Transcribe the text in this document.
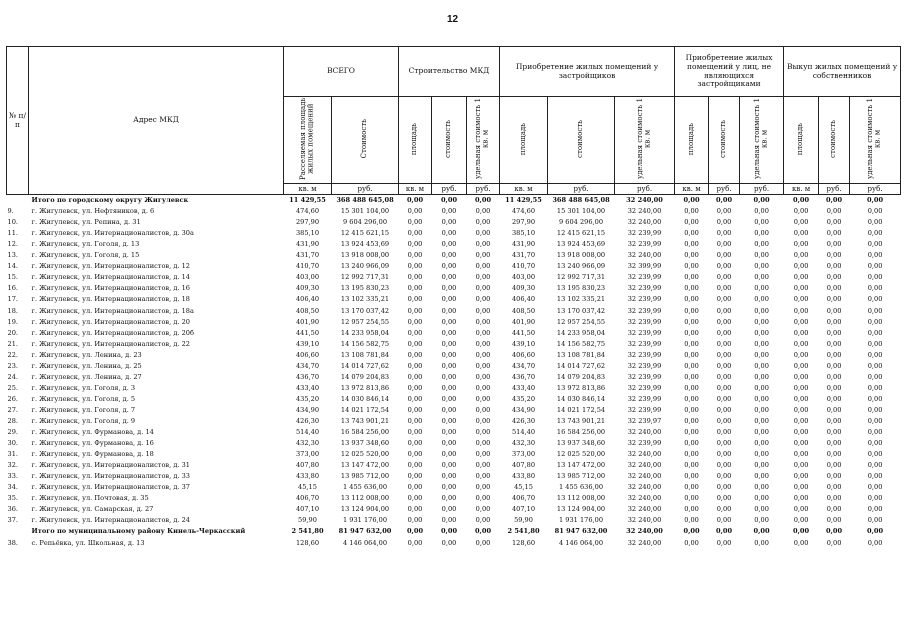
12
№ п/п	Адрес МКД	ВСЕГО		Строительство МКД			Приобретение жилых помещений у застройщиков			Приобретение жилых помещений у лиц, не являющихся застройщиками			Выкуп жилых помещений у собственников		
		Расселяемая площадь жилых помещений	Стоимость	площадь	стоимость	удельная стоимость 1 кв. м	площадь	стоимость	удельная стоимость 1 кв. м	площадь	стоимость	удельная стоимость 1 кв. м	площадь	стоимость	удельная стоимость 1 кв. м
		кв. м	руб.	кв. м	руб.	руб.	кв. м	руб.	руб.	кв. м	руб.	руб.	кв. м	руб.	руб.
	Итого по городскому округу Жигулевск	11 429,55	368 488 645,08	0,00	0,00	0,00	11 429,55	368 488 645,08	32 240,00	0,00	0,00	0,00	0,00	0,00	0,00
9.	г. Жигулевск, ул. Нефтяников, д. 6	474,60	15 301 104,00	0,00	0,00	0,00	474,60	15 301 104,00	32 240,00	0,00	0,00	0,00	0,00	0,00	0,00
10.	г. Жигулевск, ул. Репина, д. 31	297,90	9 604 296,00	0,00	0,00	0,00	297,90	9 604 296,00	32 240,00	0,00	0,00	0,00	0,00	0,00	0,00
11.	г. Жигулевск, ул. Интернационалистов, д. 30а	385,10	12 415 621,15	0,00	0,00	0,00	385,10	12 415 621,15	32 239,99	0,00	0,00	0,00	0,00	0,00	0,00
12.	г. Жигулевск, ул. Гоголя, д. 13	431,90	13 924 453,69	0,00	0,00	0,00	431,90	13 924 453,69	32 239,99	0,00	0,00	0,00	0,00	0,00	0,00
13.	г. Жигулевск, ул. Гоголя, д. 15	431,70	13 918 008,00	0,00	0,00	0,00	431,70	13 918 008,00	32 240,00	0,00	0,00	0,00	0,00	0,00	0,00
14.	г. Жигулевск, ул. Интернационалистов, д. 12	410,70	13 240 966,09	0,00	0,00	0,00	410,70	13 240 966,09	32 399,99	0,00	0,00	0,00	0,00	0,00	0,00
15.	г. Жигулевск, ул. Интернационалистов, д. 14	403,00	12 992 717,31	0,00	0,00	0,00	403,00	12 992 717,31	32 239,99	0,00	0,00	0,00	0,00	0,00	0,00
16.	г. Жигулевск, ул. Интернационалистов, д. 16	409,30	13 195 830,23	0,00	0,00	0,00	409,30	13 195 830,23	32 239,99	0,00	0,00	0,00	0,00	0,00	0,00
17.	г. Жигулевск, ул. Интернационалистов, д. 18	406,40	13 102 335,21	0,00	0,00	0,00	406,40	13 102 335,21	32 239,99	0,00	0,00	0,00	0,00	0,00	0,00
18.	г. Жигулевск, ул. Интернационалистов, д. 18а	408,50	13 170 037,42	0,00	0,00	0,00	408,50	13 170 037,42	32 239,99	0,00	0,00	0,00	0,00	0,00	0,00
19.	г. Жигулевск, ул. Интернационалистов, д. 20	401,90	12 957 254,55	0,00	0,00	0,00	401,90	12 957 254,55	32 239,99	0,00	0,00	0,00	0,00	0,00	0,00
20.	г. Жигулевск, ул. Интернационалистов, д. 20б	441,50	14 233 958,04	0,00	0,00	0,00	441,50	14 233 958,04	32 239,99	0,00	0,00	0,00	0,00	0,00	0,00
21.	г. Жигулевск, ул. Интернационалистов, д. 22	439,10	14 156 582,75	0,00	0,00	0,00	439,10	14 156 582,75	32 239,99	0,00	0,00	0,00	0,00	0,00	0,00
22.	г. Жигулевск, ул. Ленина, д. 23	406,60	13 108 781,84	0,00	0,00	0,00	406,60	13 108 781,84	32 239,99	0,00	0,00	0,00	0,00	0,00	0,00
23.	г. Жигулевск, ул. Ленина, д. 25	434,70	14 014 727,62	0,00	0,00	0,00	434,70	14 014 727,62	32 239,99	0,00	0,00	0,00	0,00	0,00	0,00
24.	г. Жигулевск, ул. Ленина, д. 27	436,70	14 079 204,83	0,00	0,00	0,00	436,70	14 079 204,83	32 239,99	0,00	0,00	0,00	0,00	0,00	0,00
25.	г. Жигулевск, ул. Гоголя, д. 3	433,40	13 972 813,86	0,00	0,00	0,00	433,40	13 972 813,86	32 239,99	0,00	0,00	0,00	0,00	0,00	0,00
26.	г. Жигулевск, ул. Гоголя, д. 5	435,20	14 030 846,14	0,00	0,00	0,00	435,20	14 030 846,14	32 239,99	0,00	0,00	0,00	0,00	0,00	0,00
27.	г. Жигулевск, ул. Гоголя, д. 7	434,90	14 021 172,54	0,00	0,00	0,00	434,90	14 021 172,54	32 239,99	0,00	0,00	0,00	0,00	0,00	0,00
28.	г. Жигулевск, ул. Гоголя, д. 9	426,30	13 743 901,21	0,00	0,00	0,00	426,30	13 743 901,21	32 239,97	0,00	0,00	0,00	0,00	0,00	0,00
29.	г. Жигулевск, ул. Фурманова, д. 14	514,40	16 584 256,00	0,00	0,00	0,00	514,40	16 584 256,00	32 240,00	0,00	0,00	0,00	0,00	0,00	0,00
30.	г. Жигулевск, ул. Фурманова, д. 16	432,30	13 937 348,60	0,00	0,00	0,00	432,30	13 937 348,60	32 239,99	0,00	0,00	0,00	0,00	0,00	0,00
31.	г. Жигулевск, ул. Фурманова, д. 18	373,00	12 025 520,00	0,00	0,00	0,00	373,00	12 025 520,00	32 240,00	0,00	0,00	0,00	0,00	0,00	0,00
32.	г. Жигулевск, ул. Интернационалистов, д. 31	407,80	13 147 472,00	0,00	0,00	0,00	407,80	13 147 472,00	32 240,00	0,00	0,00	0,00	0,00	0,00	0,00
33.	г. Жигулевск, ул. Интернационалистов, д. 33	433,80	13 985 712,00	0,00	0,00	0,00	433,80	13 985 712,00	32 240,00	0,00	0,00	0,00	0,00	0,00	0,00
34.	г. Жигулевск, ул. Интернационалистов, д. 37	45,15	1 455 636,00	0,00	0,00	0,00	45,15	1 455 636,00	32 240,00	0,00	0,00	0,00	0,00	0,00	0,00
35.	г. Жигулевск, ул. Почтовая, д. 35	406,70	13 112 008,00	0,00	0,00	0,00	406,70	13 112 008,00	32 240,00	0,00	0,00	0,00	0,00	0,00	0,00
36.	г. Жигулевск, ул. Самарская, д. 27	407,10	13 124 904,00	0,00	0,00	0,00	407,10	13 124 904,00	32 240,00	0,00	0,00	0,00	0,00	0,00	0,00
37.	г. Жигулевск, ул. Интернационалистов, д. 24	59,90	1 931 176,00	0,00	0,00	0,00	59,90	1 931 176,00	32 240,00	0,00	0,00	0,00	0,00	0,00	0,00
	Итого по муниципальному району Кинель-Черкасский	2 541,80	81 947 632,00	0,00	0,00	0,00	2 541,80	81 947 632,00	32 240,00	0,00	0,00	0,00	0,00	0,00	0,00
38.	с. Репьёвка, ул. Школьная, д. 13	128,60	4 146 064,00	0,00	0,00	0,00	128,60	4 146 064,00	32 240,00	0,00	0,00	0,00	0,00	0,00	0,00
